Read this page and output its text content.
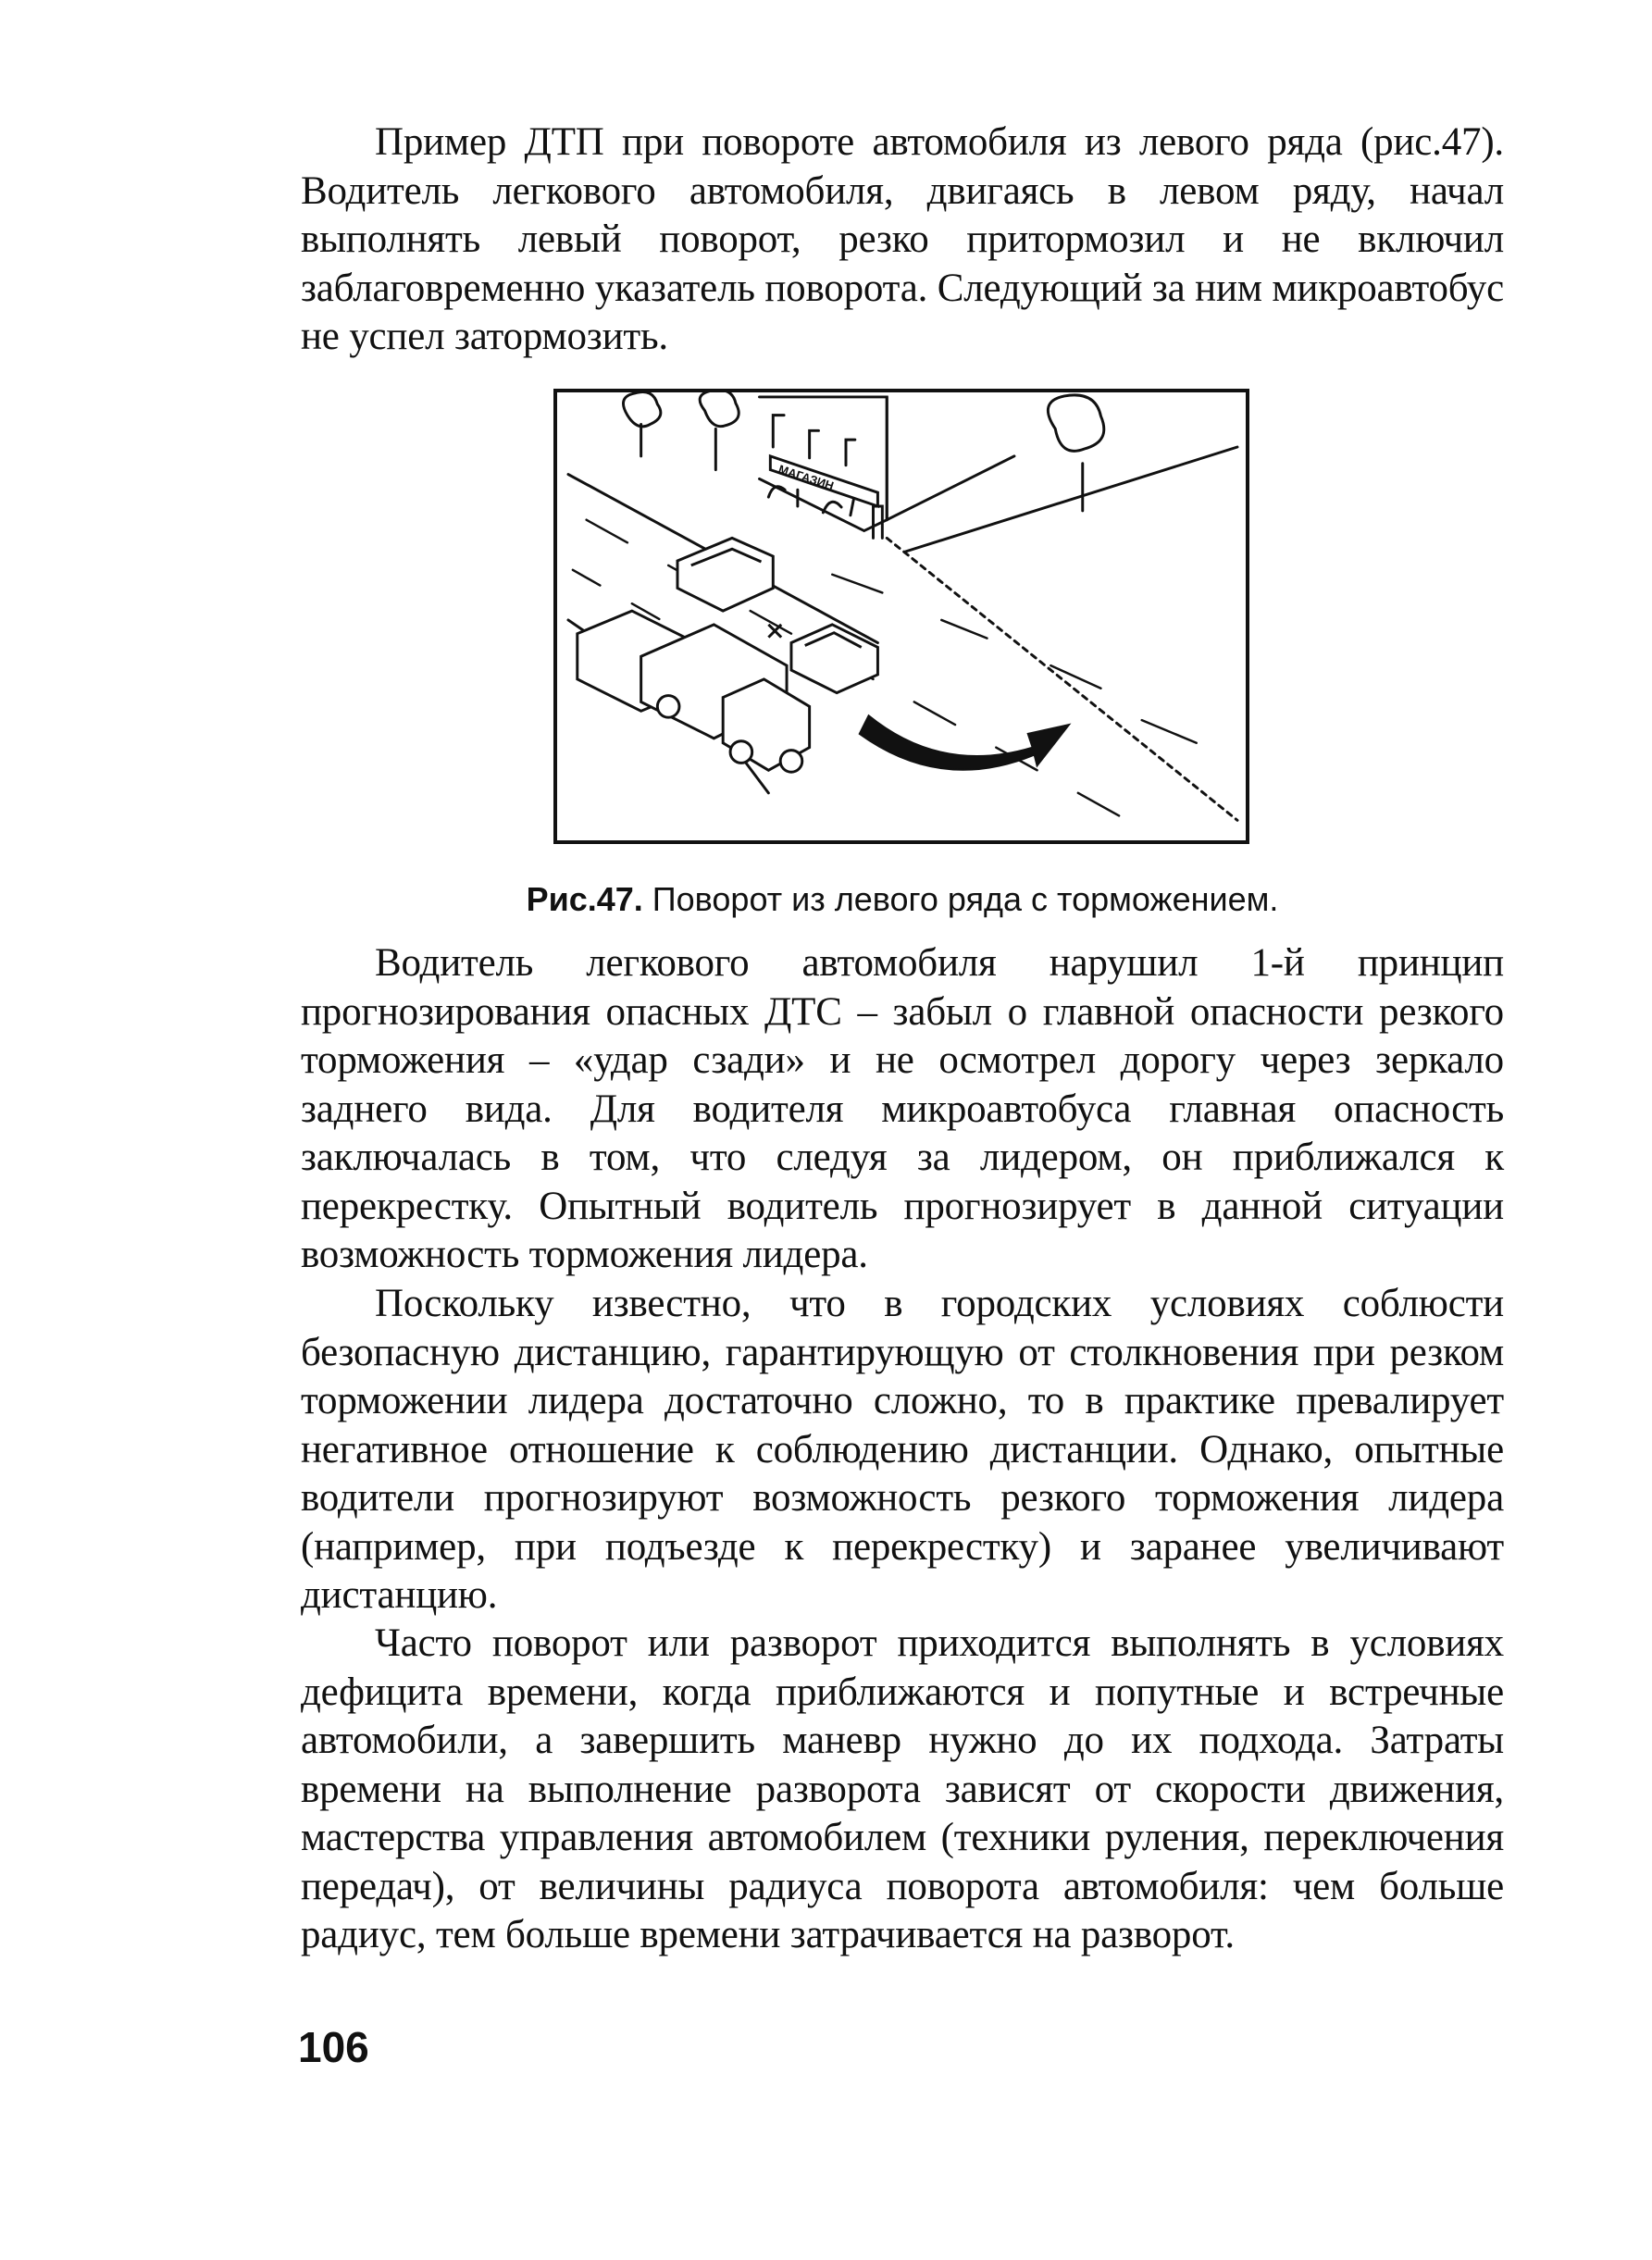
Пример ДТП при повороте автомобиля из левого ряда (рис.47). Водитель легкового автомобиля, двигаясь в левом ряду, начал выполнять левый поворот, резко притормозил и не включил заблаговременно указатель поворота. Следующий за ним микроавтобус не успел затормозить.

МАГАЗИН

Рис.47. Поворот из левого ряда с торможением.

Водитель легкового автомобиля нарушил 1-й принцип прогнозирования опасных ДТС – забыл о главной опасности резкого торможения – «удар сзади» и не осмотрел дорогу через зеркало заднего вида. Для водителя микроавтобуса главная опасность заключалась в том, что следуя за лидером, он приближался к перекрестку. Опытный водитель прогнозирует в данной ситуации возможность торможения лидера.

Поскольку известно, что в городских условиях соблюсти безопасную дистанцию, гарантирующую от столкновения при резком торможении лидера достаточно сложно, то в практике превалирует негативное отношение к соблюдению дистанции. Однако, опытные водители прогнозируют возможность резкого торможения лидера (например, при подъезде к перекрестку) и заранее увеличивают дистанцию.

Часто поворот или разворот приходится выполнять в условиях дефицита времени, когда приближаются и попутные и встречные автомобили, а завершить маневр нужно до их подхода. Затраты времени на выполнение разворота зависят от скорости движения, мастерства управления автомобилем (техники руления, переключения передач), от величины радиуса поворота автомобиля: чем больше радиус, тем больше времени затрачивается на разворот.

106
